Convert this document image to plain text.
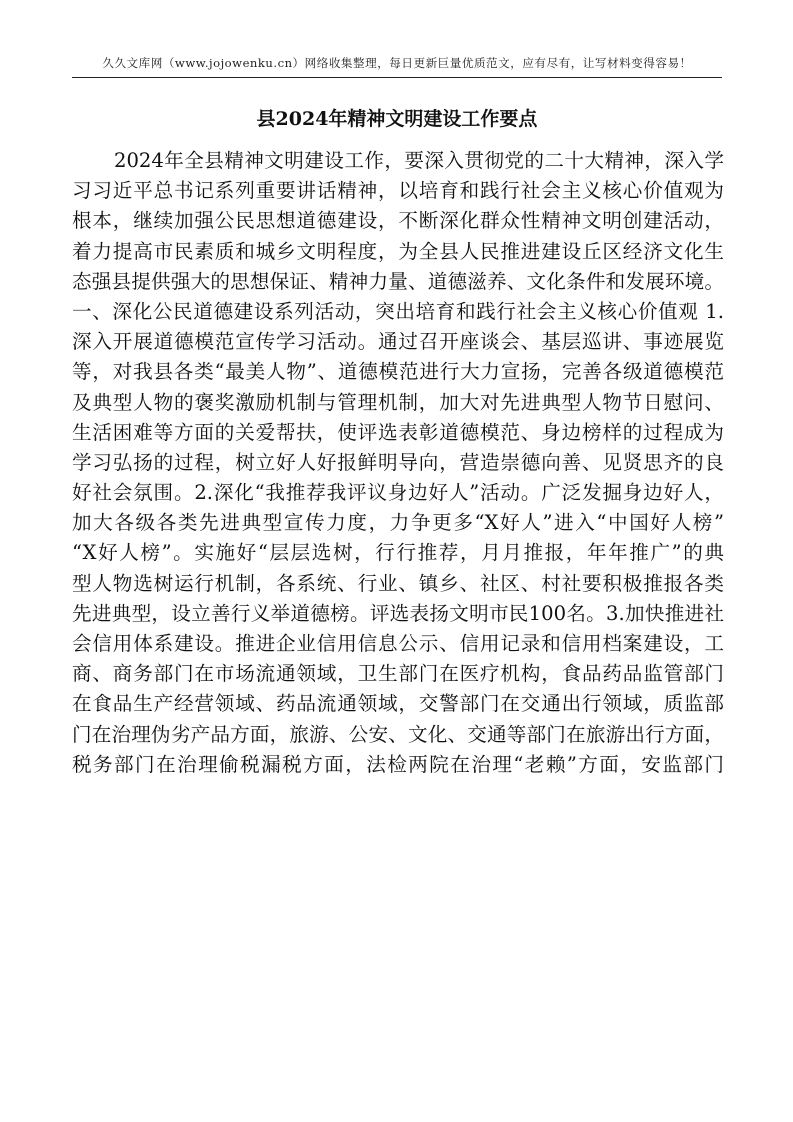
久久文库网（www.jojowenku.cn）网络收集整理，每日更新巨量优质范文，应有尽有，让写材料变得容易！
县2024年精神文明建设工作要点
2024年全县精神文明建设工作，要深入贯彻党的二十大精神，深入学
习习近平总书记系列重要讲话精神，以培育和践行社会主义核心价值观为
根本，继续加强公民思想道德建设，不断深化群众性精神文明创建活动，
着力提高市民素质和城乡文明程度，为全县人民推进建设丘区经济文化生
态强县提供强大的思想保证、精神力量、道德滋养、文化条件和发展环境。
一、深化公民道德建设系列活动，突出培育和践行社会主义核心价值观 1.
深入开展道德模范宣传学习活动。通过召开座谈会、基层巡讲、事迹展览
等，对我县各类“最美人物”、道德模范进行大力宣扬，完善各级道德模范
及典型人物的褒奖激励机制与管理机制，加大对先进典型人物节日慰问、
生活困难等方面的关爱帮扶，使评选表彰道德模范、身边榜样的过程成为
学习弘扬的过程，树立好人好报鲜明导向，营造崇德向善、见贤思齐的良
好社会氛围。2.深化“我推荐我评议身边好人”活动。广泛发掘身边好人，
加大各级各类先进典型宣传力度，力争更多“X好人”进入“中国好人榜”
“X好人榜”。实施好“层层选树，行行推荐，月月推报，年年推广”的典
型人物选树运行机制，各系统、行业、镇乡、社区、村社要积极推报各类
先进典型，设立善行义举道德榜。评选表扬文明市民100名。3.加快推进社
会信用体系建设。推进企业信用信息公示、信用记录和信用档案建设，工
商、商务部门在市场流通领域，卫生部门在医疗机构，食品药品监管部门
在食品生产经营领域、药品流通领域，交警部门在交通出行领域，质监部
门在治理伪劣产品方面，旅游、公安、文化、交通等部门在旅游出行方面，
税务部门在治理偷税漏税方面，法检两院在治理“老赖”方面，安监部门
